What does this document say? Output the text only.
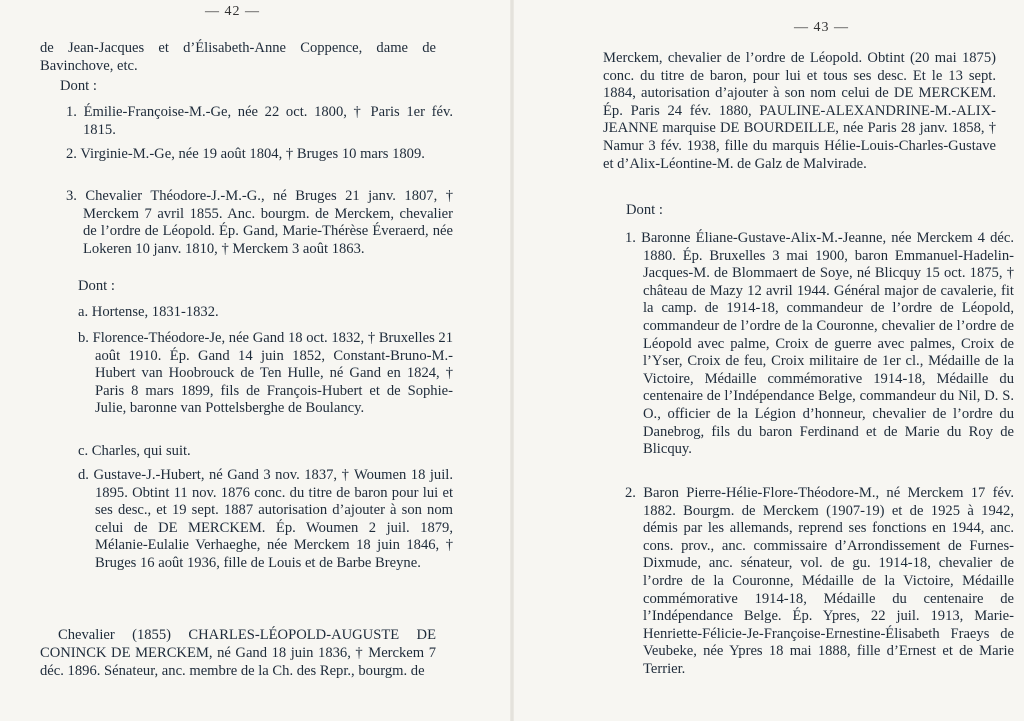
— 42 —
de Jean-Jacques et d’Élisabeth-Anne Coppence, dame de Bavinchove, etc.
Dont :
1. Émilie-Françoise-M.-Ge, née 22 oct. 1800, † Paris 1er fév. 1815.
2. Virginie-M.-Ge, née 19 août 1804, † Bruges 10 mars 1809.
3. Chevalier Théodore-J.-M.-G., né Bruges 21 janv. 1807, † Merckem 7 avril 1855. Anc. bourgm. de Merckem, chevalier de l’ordre de Léopold. Ép. Gand, Marie-Thérèse Éveraerd, née Lokeren 10 janv. 1810, † Merckem 3 août 1863.
Dont :
a. Hortense, 1831-1832.
b. Florence-Théodore-Je, née Gand 18 oct. 1832, † Bruxelles 21 août 1910. Ép. Gand 14 juin 1852, Constant-Bruno-M.-Hubert van Hoobrouck de Ten Hulle, né Gand en 1824, † Paris 8 mars 1899, fils de François-Hubert et de Sophie-Julie, baronne van Pottelsberghe de Boulancy.
c. Charles, qui suit.
d. Gustave-J.-Hubert, né Gand 3 nov. 1837, † Woumen 18 juil. 1895. Obtint 11 nov. 1876 conc. du titre de baron pour lui et ses desc., et 19 sept. 1887 autorisation d’ajouter à son nom celui de DE MERCKEM. Ép. Woumen 2 juil. 1879, Mélanie-Eulalie Verhaeghe, née Merckem 18 juin 1846, † Bruges 16 août 1936, fille de Louis et de Barbe Breyne.
Chevalier (1855) CHARLES-LÉOPOLD-AUGUSTE DE CONINCK DE MERCKEM, né Gand 18 juin 1836, † Merckem 7 déc. 1896. Sénateur, anc. membre de la Ch. des Repr., bourgm. de
— 43 —
Merckem, chevalier de l’ordre de Léopold. Obtint (20 mai 1875) conc. du titre de baron, pour lui et tous ses desc. Et le 13 sept. 1884, autorisation d’ajouter à son nom celui de DE MERCKEM. Ép. Paris 24 fév. 1880, PAULINE-ALEXANDRINE-M.-ALIX-JEANNE marquise DE BOURDEILLE, née Paris 28 janv. 1858, † Namur 3 fév. 1938, fille du marquis Hélie-Louis-Charles-Gustave et d’Alix-Léontine-M. de Galz de Malvirade.
Dont :
1. Baronne Éliane-Gustave-Alix-M.-Jeanne, née Merckem 4 déc. 1880. Ép. Bruxelles 3 mai 1900, baron Emmanuel-Hadelin-Jacques-M. de Blommaert de Soye, né Blicquy 15 oct. 1875, † château de Mazy 12 avril 1944. Général major de cavalerie, fit la camp. de 1914-18, commandeur de l’ordre de Léopold, commandeur de l’ordre de la Couronne, chevalier de l’ordre de Léopold avec palme, Croix de guerre avec palmes, Croix de l’Yser, Croix de feu, Croix militaire de 1er cl., Médaille de la Victoire, Médaille commémorative 1914-18, Médaille du centenaire de l’Indépendance Belge, commandeur du Nil, D. S. O., officier de la Légion d’honneur, chevalier de l’ordre du Danebrog, fils du baron Ferdinand et de Marie du Roy de Blicquy.
2. Baron Pierre-Hélie-Flore-Théodore-M., né Merckem 17 fév. 1882. Bourgm. de Merckem (1907-19) et de 1925 à 1942, démis par les allemands, reprend ses fonctions en 1944, anc. cons. prov., anc. commissaire d’Arrondissement de Furnes-Dixmude, anc. sénateur, vol. de gu. 1914-18, chevalier de l’ordre de la Couronne, Médaille de la Victoire, Médaille commémorative 1914-18, Médaille du centenaire de l’Indépendance Belge. Ép. Ypres, 22 juil. 1913, Marie-Henriette-Félicie-Je-Françoise-Ernestine-Élisabeth Fraeys de Veubeke, née Ypres 18 mai 1888, fille d’Ernest et de Marie Terrier.
